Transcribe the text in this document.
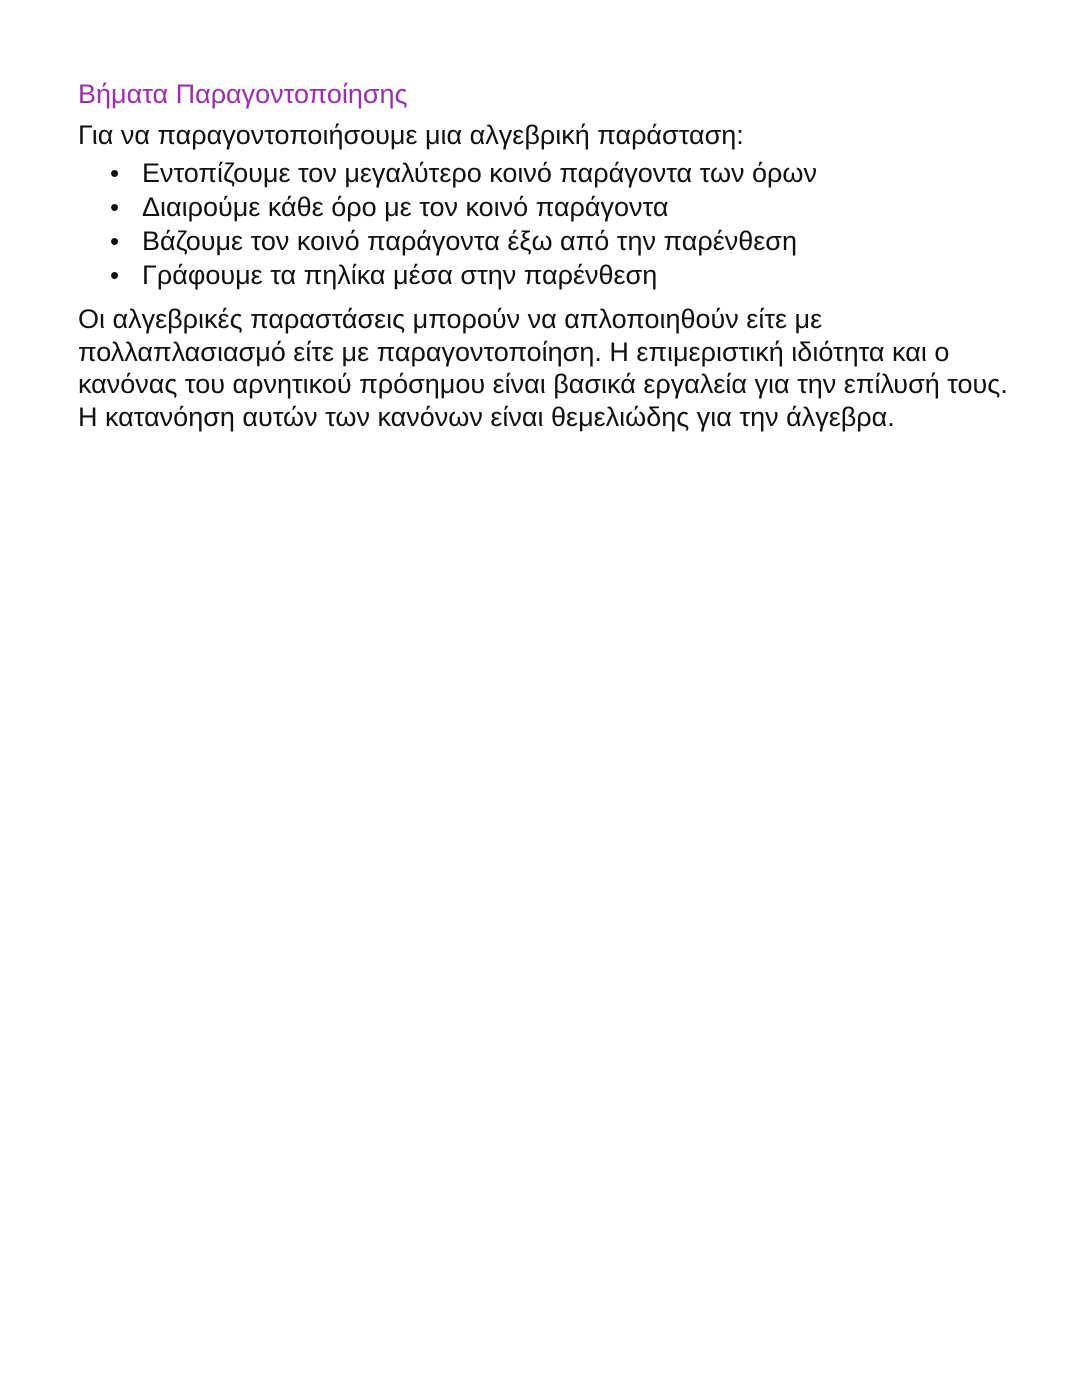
Βήματα Παραγοντοποίησης

Για να παραγοντοποιήσουμε μια αλγεβρική παράσταση:

• Εντοπίζουμε τον μεγαλύτερο κοινό παράγοντα των όρων
• Διαιρούμε κάθε όρο με τον κοινό παράγοντα
• Βάζουμε τον κοινό παράγοντα έξω από την παρένθεση
• Γράφουμε τα πηλίκα μέσα στην παρένθεση

Οι αλγεβρικές παραστάσεις μπορούν να απλοποιηθούν είτε με πολλαπλασιασμό είτε με παραγοντοποίηση. Η επιμεριστική ιδιότητα και ο κανόνας του αρνητικού πρόσημου είναι βασικά εργαλεία για την επίλυσή τους. Η κατανόηση αυτών των κανόνων είναι θεμελιώδης για την άλγεβρα.
